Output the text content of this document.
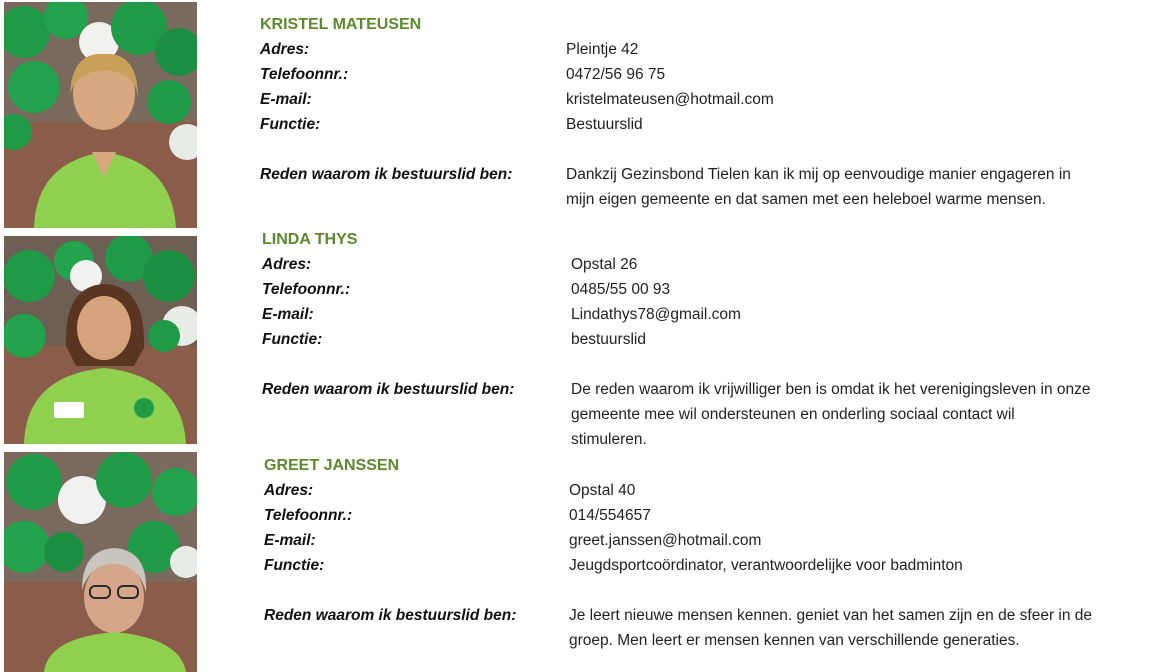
KRISTEL MATEUSEN
Adres:
Telefoonnr.:
E-mail:
Functie:
Reden waarom ik bestuurslid ben:
Pleintje 42
0472/56 96 75
kristelmateusen@hotmail.com
Bestuurslid
Dankzij Gezinsbond Tielen kan ik mij op eenvoudige manier engageren in
mijn eigen gemeente en dat samen met een heleboel warme mensen.
LINDA THYS
Adres:
Telefoonnr.:
E-mail:
Functie:
Reden waarom ik bestuurslid ben:
Opstal 26
0485/55 00 93
Lindathys78@gmail.com
bestuurslid
De reden waarom ik vrijwilliger ben is omdat ik het verenigingsleven in onze
gemeente mee wil ondersteunen en onderling sociaal contact wil
stimuleren.
GREET JANSSEN
Adres:
Telefoonnr.:
E-mail:
Functie:
Reden waarom ik bestuurslid ben:
Opstal 40
014/554657
greet.janssen@hotmail.com
Jeugdsportcoördinator, verantwoordelijke voor badminton
Je leert nieuwe mensen kennen. geniet van het samen zijn en de sfeer in de
groep. Men leert er mensen kennen van verschillende generaties.
